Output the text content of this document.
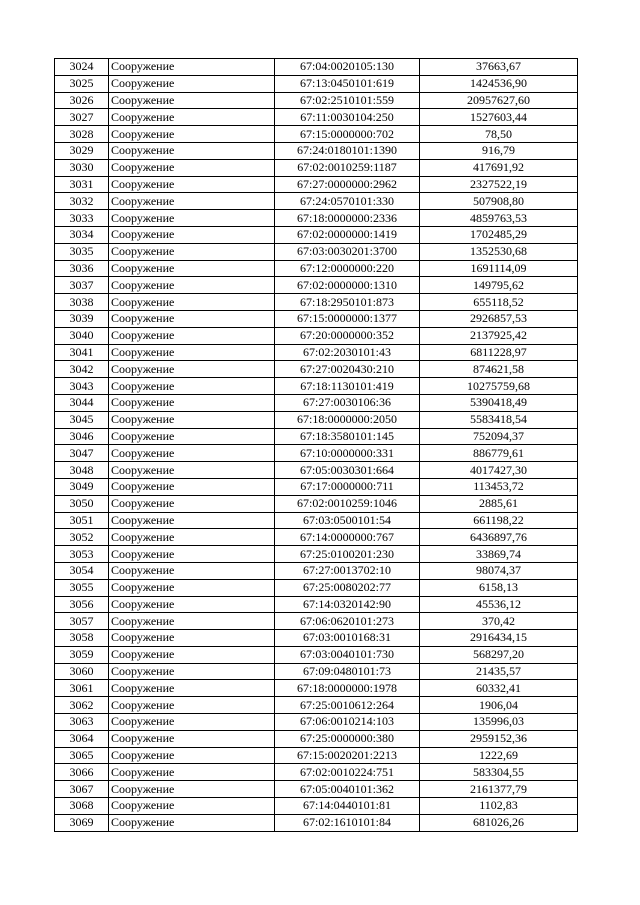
3024	Сооружение	67:04:0020105:130	37663,67
3025	Сооружение	67:13:0450101:619	1424536,90
3026	Сооружение	67:02:2510101:559	20957627,60
3027	Сооружение	67:11:0030104:250	1527603,44
3028	Сооружение	67:15:0000000:702	78,50
3029	Сооружение	67:24:0180101:1390	916,79
3030	Сооружение	67:02:0010259:1187	417691,92
3031	Сооружение	67:27:0000000:2962	2327522,19
3032	Сооружение	67:24:0570101:330	507908,80
3033	Сооружение	67:18:0000000:2336	4859763,53
3034	Сооружение	67:02:0000000:1419	1702485,29
3035	Сооружение	67:03:0030201:3700	1352530,68
3036	Сооружение	67:12:0000000:220	1691114,09
3037	Сооружение	67:02:0000000:1310	149795,62
3038	Сооружение	67:18:2950101:873	655118,52
3039	Сооружение	67:15:0000000:1377	2926857,53
3040	Сооружение	67:20:0000000:352	2137925,42
3041	Сооружение	67:02:2030101:43	6811228,97
3042	Сооружение	67:27:0020430:210	874621,58
3043	Сооружение	67:18:1130101:419	10275759,68
3044	Сооружение	67:27:0030106:36	5390418,49
3045	Сооружение	67:18:0000000:2050	5583418,54
3046	Сооружение	67:18:3580101:145	752094,37
3047	Сооружение	67:10:0000000:331	886779,61
3048	Сооружение	67:05:0030301:664	4017427,30
3049	Сооружение	67:17:0000000:711	113453,72
3050	Сооружение	67:02:0010259:1046	2885,61
3051	Сооружение	67:03:0500101:54	661198,22
3052	Сооружение	67:14:0000000:767	6436897,76
3053	Сооружение	67:25:0100201:230	33869,74
3054	Сооружение	67:27:0013702:10	98074,37
3055	Сооружение	67:25:0080202:77	6158,13
3056	Сооружение	67:14:0320142:90	45536,12
3057	Сооружение	67:06:0620101:273	370,42
3058	Сооружение	67:03:0010168:31	2916434,15
3059	Сооружение	67:03:0040101:730	568297,20
3060	Сооружение	67:09:0480101:73	21435,57
3061	Сооружение	67:18:0000000:1978	60332,41
3062	Сооружение	67:25:0010612:264	1906,04
3063	Сооружение	67:06:0010214:103	135996,03
3064	Сооружение	67:25:0000000:380	2959152,36
3065	Сооружение	67:15:0020201:2213	1222,69
3066	Сооружение	67:02:0010224:751	583304,55
3067	Сооружение	67:05:0040101:362	2161377,79
3068	Сооружение	67:14:0440101:81	1102,83
3069	Сооружение	67:02:1610101:84	681026,26
